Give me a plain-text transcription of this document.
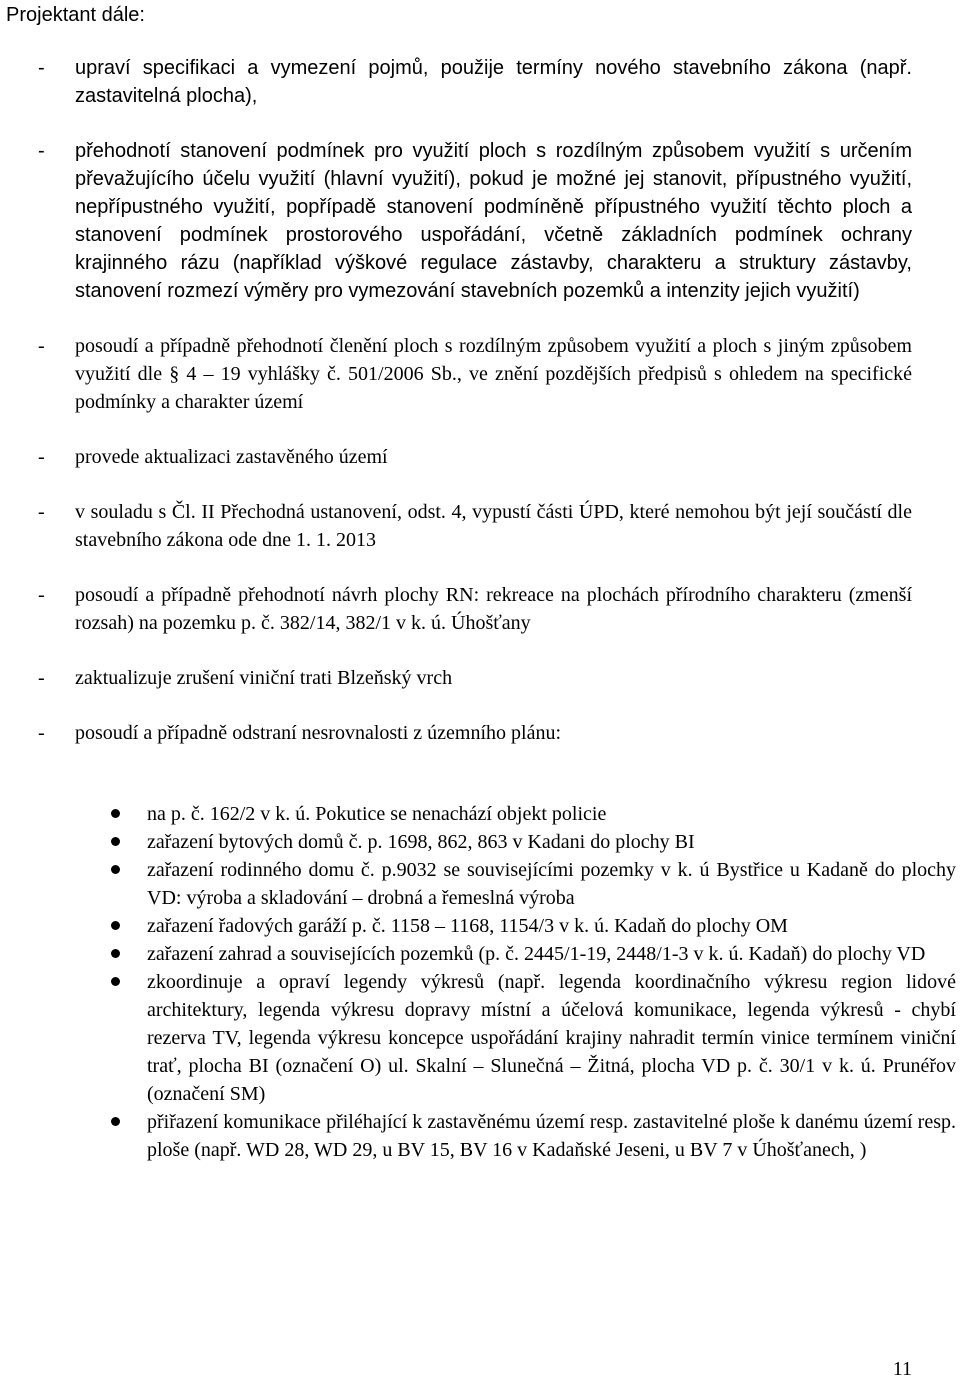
Projektant dále:
- upraví specifikaci a vymezení pojmů, použije termíny nového stavebního zákona (např. zastavitelná plocha),
- přehodnotí stanovení podmínek pro využití ploch s rozdílným způsobem využití s určením převažujícího účelu využití (hlavní využití), pokud je možné jej stanovit, přípustného využití, nepřípustného využití, popřípadě stanovení podmíněně přípustného využití těchto ploch a stanovení podmínek prostorového uspořádání, včetně základních podmínek ochrany krajinného rázu (například výškové regulace zástavby, charakteru a struktury zástavby, stanovení rozmezí výměry pro vymezování stavebních pozemků a intenzity jejich využití)
- posoudí a případně přehodnotí členění ploch s rozdílným způsobem využití a ploch s jiným způsobem využití dle § 4 – 19 vyhlášky č. 501/2006 Sb., ve znění pozdějších předpisů s ohledem na specifické podmínky a charakter území
- provede aktualizaci zastavěného území
- v souladu s Čl. II Přechodná ustanovení, odst. 4, vypustí části ÚPD, které nemohou být její součástí dle stavebního zákona ode dne 1. 1. 2013
- posoudí a případně přehodnotí návrh plochy RN: rekreace na plochách přírodního charakteru (zmenší rozsah) na pozemku p. č. 382/14, 382/1 v k. ú. Úhošťany
- zaktualizuje zrušení viniční trati Blzeňský vrch
- posoudí a případně odstraní nesrovnalosti z územního plánu:
na p. č. 162/2 v k. ú. Pokutice se nenachází objekt policie
zařazení bytových domů č. p. 1698, 862, 863 v Kadani do plochy BI
zařazení rodinného domu č. p.9032 se souvisejícími pozemky v k. ú Bystřice u Kadaně do plochy VD: výroba a skladování – drobná a řemeslná výroba
zařazení řadových garáží p. č. 1158 – 1168, 1154/3 v k. ú. Kadaň do plochy OM
zařazení zahrad a souvisejících pozemků (p. č. 2445/1-19, 2448/1-3 v k. ú. Kadaň) do plochy VD
zkoordinuje a opraví legendy výkresů (např. legenda koordinačního výkresu region lidové architektury, legenda výkresu dopravy místní a účelová komunikace, legenda výkresů - chybí rezerva TV, legenda výkresu koncepce uspořádání krajiny nahradit termín vinice termínem viniční trať, plocha BI (označení O) ul. Skalní – Slunečná – Žitná, plocha VD p. č. 30/1 v k. ú. Prunéřov (označení SM)
přiřazení komunikace přiléhající k zastavěnému území resp. zastavitelné ploše k danému území resp. ploše (např. WD 28, WD 29, u BV 15, BV 16 v Kadaňské Jeseni, u BV 7 v Úhošťanech, )
11
